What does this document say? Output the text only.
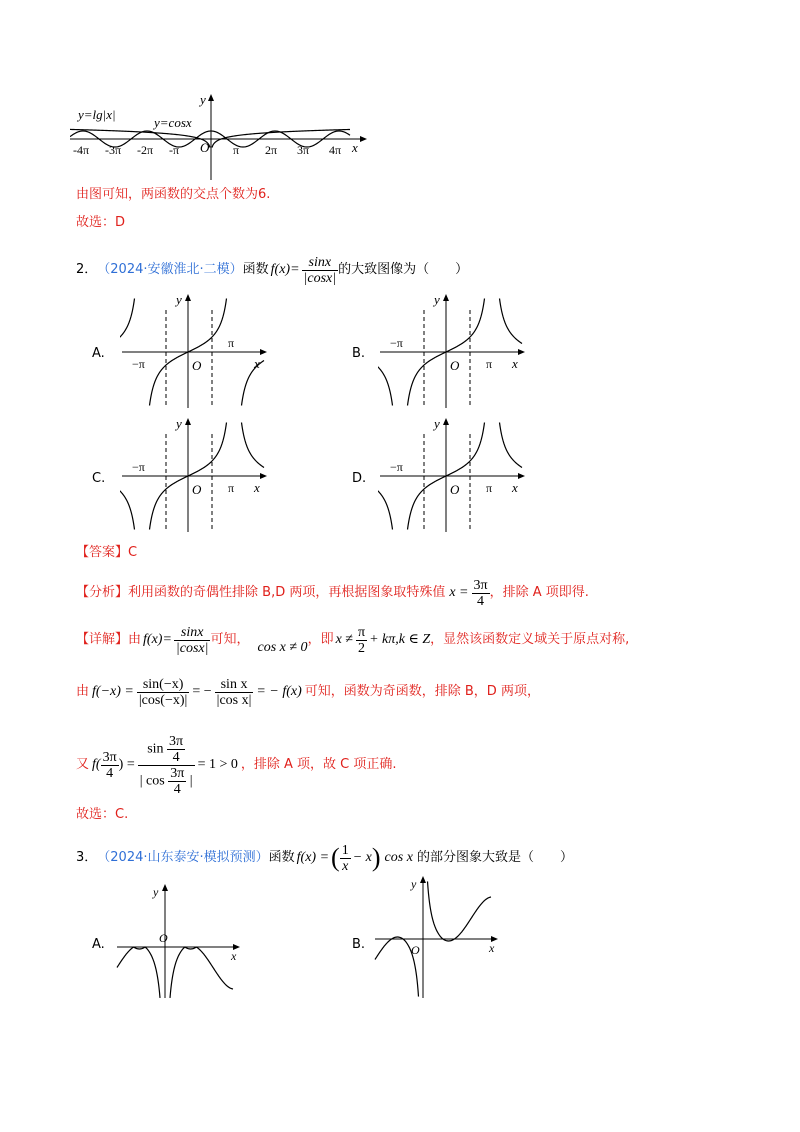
y
x
y=lg|x|
y=cosx
O
-4π -3π -2π -π	π 2π 3π 4π
由图可知，两函数的交点个数为6.
故选：D
2． （2024·安徽淮北·二模） 函数 $f(x)= \frac{\sin x}{|\cos x|}$ 的大致图像为（　　）
A.	B.
C.	D.
y
x
O
−π
π
y
x
O
−π
π
y
x
O
−π
π
y
x
O
−π
π
【答案】C
【分析】 利用函数的奇偶性排除 B,D 两项，再根据图象取特殊值 $x = \frac{3\pi}{4}$ ，排除 A 项即得.
【详解】 由 $f(x)= \frac{\sin x}{|\cos x|}$ 可知，
cos x ≠ 0
，即 $x \ne \frac{\pi}{2} + k\pi,k$ ∈ Z ，显然该函数定义域关于原点对称,
由 $f(-x) = \frac{\sin(-x)}{|\cos(-x)|}$ = − $\frac{\text{sin x}}{\text{|cos x|}}$ = − f(x) 可知，函数为奇函数，排除 B，D 两项，
又 $f( \frac{3\pi}{4}$ ) = $\frac{\sin \frac{3\pi}{4}}{| \cos \frac{3\pi}{4} |} = 1 > 0$ ，排除 A 项，故 C 项正确.
故选：C.
3． （2024·山东泰安·模拟预测） 函数 f(x) = ( $\frac{1}{x} - x$ ) cos x 的部分图象大致是（　　）
A.	B.
y
x
O
y
x
O
